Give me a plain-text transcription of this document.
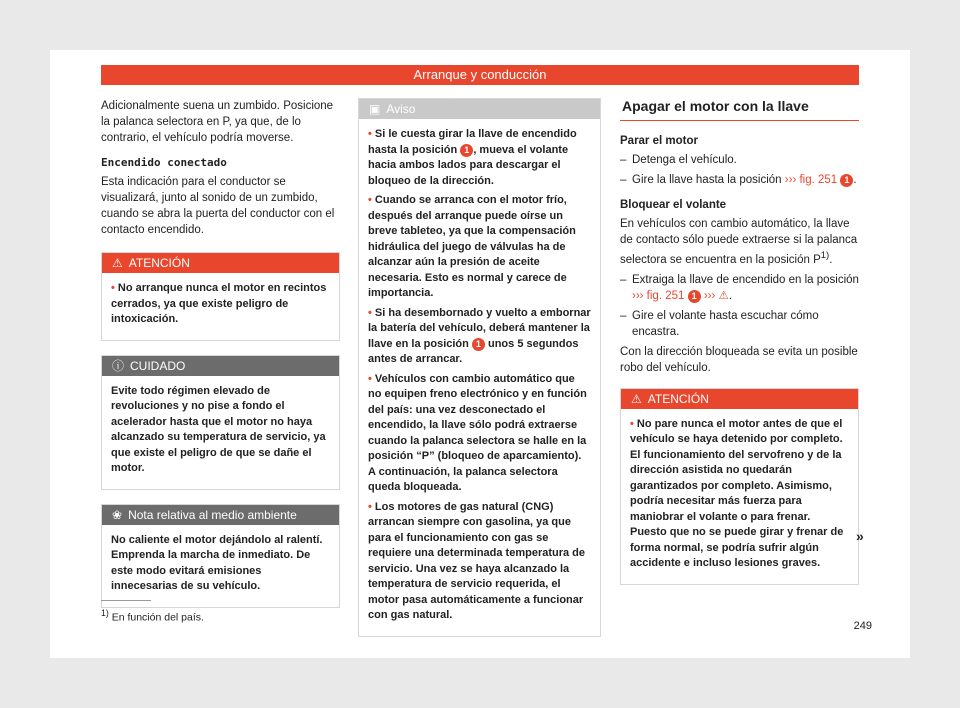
Arranque y conducción

Adicionalmente suena un zumbido. Posicione la palanca selectora en P, ya que, de lo contrario, el vehículo podría moverse.

Encendido conectado

Esta indicación para el conductor se visualizará, junto al sonido de un zumbido, cuando se abra la puerta del conductor con el contacto encendido.

⚠ ATENCIÓN

• No arranque nunca el motor en recintos cerrados, ya que existe peligro de intoxicación.

ⓘ CUIDADO

Evite todo régimen elevado de revoluciones y no pise a fondo el acelerador hasta que el motor no haya alcanzado su temperatura de servicio, ya que existe el peligro de que se dañe el motor.

❀ Nota relativa al medio ambiente

No caliente el motor dejándolo al ralentí. Emprenda la marcha de inmediato. De este modo evitará emisiones innecesarias de su vehículo.

▣ Aviso

• Si le cuesta girar la llave de encendido hasta la posición 1 , mueva el volante hacia ambos lados para descargar el bloqueo de la dirección.

• Cuando se arranca con el motor frío, después del arranque puede oírse un breve tableteo, ya que la compensación hidráulica del juego de válvulas ha de alcanzar aún la presión de aceite necesaria. Esto es normal y carece de importancia.

• Si ha desembornado y vuelto a embornar la batería del vehículo, deberá mantener la llave en la posición 1 unos 5 segundos antes de arrancar.

• Vehículos con cambio automático que no equipen freno electrónico y en función del país: una vez desconectado el encendido, la llave sólo podrá extraerse cuando la palanca selectora se halle en la posición “P” (bloqueo de aparcamiento). A continuación, la palanca selectora queda bloqueada.

• Los motores de gas natural (CNG) arrancan siempre con gasolina, ya que para el funcionamiento con gas se requiere una determinada temperatura de servicio. Una vez se haya alcanzado la temperatura de servicio requerida, el motor pasa automáticamente a funcionar con gas natural.

Apagar el motor con la llave
Parar el motor
– Detenga el vehículo.
– Gire la llave hasta la posición ››› fig. 251 1 .
Bloquear el volante

En vehículos con cambio automático, la llave de contacto sólo puede extraerse si la palanca selectora se encuentra en la posición $P^{1)}$.

– Extraiga la llave de encendido en la posición ››› fig. 251 1 ››› ⚠.
– Gire el volante hasta escuchar cómo encastra.

Con la dirección bloqueada se evita un posible robo del vehículo.

⚠ ATENCIÓN

• No pare nunca el motor antes de que el vehículo se haya detenido por completo. El funcionamiento del servofreno y de la dirección asistida no quedarán garantizados por completo. Asimismo, podría necesitar más fuerza para maniobrar el volante o para frenar. Puesto que no se puede girar y frenar de forma normal, se podría sufrir algún accidente e incluso lesiones graves.

»
$^{1)}$ En función del país.
249
